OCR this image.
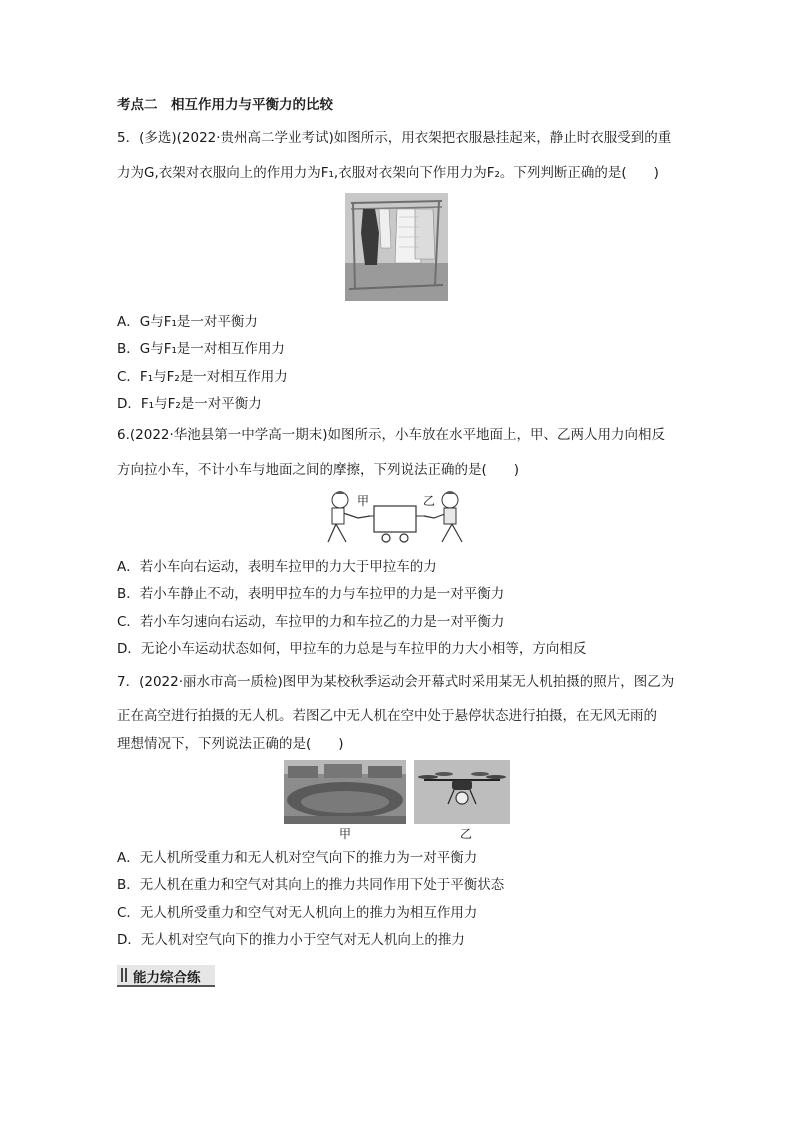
考点二　相互作用力与平衡力的比较
5．(多选)(2022·贵州高二学业考试)如图所示，用衣架把衣服悬挂起来，静止时衣服受到的重
力为G,衣架对衣服向上的作用力为F₁,衣服对衣架向下作用力为F₂。下列判断正确的是(　　)
A．G与F₁是一对平衡力
B．G与F₁是一对相互作用力
C．F₁与F₂是一对相互作用力
D．F₁与F₂是一对平衡力
6.(2022·华池县第一中学高一期末)如图所示，小车放在水平地面上，甲、乙两人用力向相反
方向拉小车，不计小车与地面之间的摩擦，下列说法正确的是(　　)
甲	乙
A．若小车向右运动，表明车拉甲的力大于甲拉车的力
B．若小车静止不动，表明甲拉车的力与车拉甲的力是一对平衡力
C．若小车匀速向右运动，车拉甲的力和车拉乙的力是一对平衡力
D．无论小车运动状态如何，甲拉车的力总是与车拉甲的力大小相等，方向相反
7．(2022·丽水市高一质检)图甲为某校秋季运动会开幕式时采用某无人机拍摄的照片，图乙为
正在高空进行拍摄的无人机。若图乙中无人机在空中处于悬停状态进行拍摄，在无风无雨的
理想情况下，下列说法正确的是(　　)
甲	乙
A．无人机所受重力和无人机对空气向下的推力为一对平衡力
B．无人机在重力和空气对其向上的推力共同作用下处于平衡状态
C．无人机所受重力和空气对无人机向上的推力为相互作用力
D．无人机对空气向下的推力小于空气对无人机向上的推力
能力综合练
